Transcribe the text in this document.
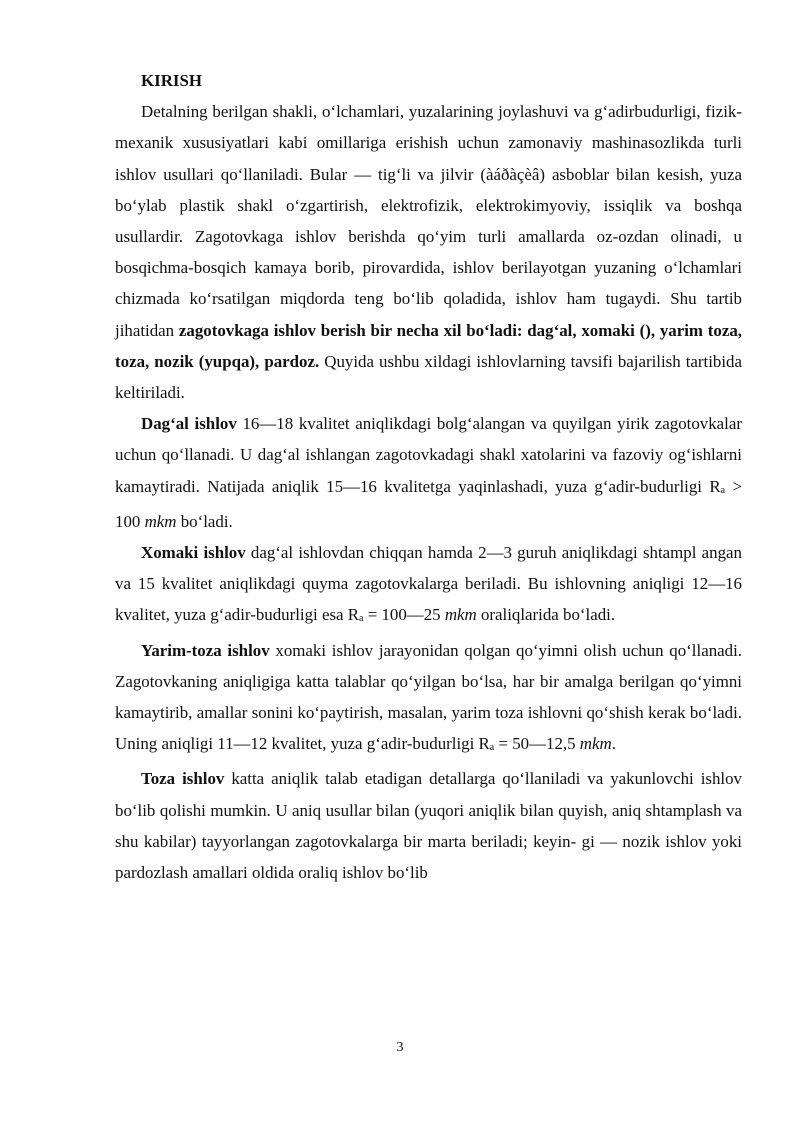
KIRISH

Detalning berilgan shakli, oʻlchamlari, yuzalarining joylashuvi va gʻadirbudurligi, fizik-mexanik xususiyatlari kabi omillariga erishish uchun zamonaviy mashinasozlikda turli ishlov usullari qoʻllaniladi. Bular — tigʻli va jilvir (àáðàçèâ) asboblar bilan kesish, yuza boʻylab plastik shakl oʻzgartirish, elektrofizik, elektrokimyoviy, issiqlik va boshqa usullardir. Zagotovkaga ishlov berishda qoʻyim turli amallarda oz-ozdan olinadi, u bosqichma-bosqich kamaya borib, pirovardida, ishlov berilayotgan yuzaning oʻlchamlari chizmada koʻrsatilgan miqdorda teng boʻlib qoladida, ishlov ham tugaydi. Shu tartib jihatidan zagotovkaga ishlov berish bir necha xil boʻladi: dagʻal, xomaki (), yarim toza, toza, nozik (yupqa), pardoz. Quyida ushbu xildagi ishlovlarning tavsifi bajarilish tartibida keltiriladi.

Dagʻal ishlov 16—18 kvalitet aniqlikdagi bolgʻalangan va quyilgan yirik zagotovkalar uchun qoʻllanadi. U dagʻal ishlangan zagotovkadagi shakl xatolarini va fazoviy ogʻishlarni kamaytiradi. Natijada aniqlik 15—16 kvalitetga yaqinlashadi, yuza gʻadir-budurligi Ra > 100 mkm boʻladi.

Xomaki ishlov dagʻal ishlovdan chiqqan hamda 2—3 guruh aniqlikdagi shtampl angan va 15 kvalitet aniqlikdagi quyma zagotovkalarga beriladi. Bu ishlovning aniqligi 12—16 kvalitet, yuza gʻadir-budurligi esa Ra = 100—25 mkm oraliqlarida boʻladi.

Yarim-toza ishlov xomaki ishlov jarayonidan qolgan qoʻyimni olish uchun qoʻllanadi. Zagotovkaning aniqligiga katta talablar qoʻyilgan boʻlsa, har bir amalga berilgan qoʻyimni kamaytirib, amallar sonini koʻpaytirish, masalan, yarim toza ishlovni qoʻshish kerak boʻladi. Uning aniqligi 11—12 kvalitet, yuza gʻadir-budurligi Ra = 50—12,5 mkm.

Toza ishlov katta aniqlik talab etadigan detallarga qoʻllaniladi va yakunlovchi ishlov boʻlib qolishi mumkin. U aniq usullar bilan (yuqori aniqlik bilan quyish, aniq shtamplash va shu kabilar) tayyorlangan zagotovkalarga bir marta beriladi; keyin- gi — nozik ishlov yoki pardozlash amallari oldida oraliq ishlov boʻlib

3
